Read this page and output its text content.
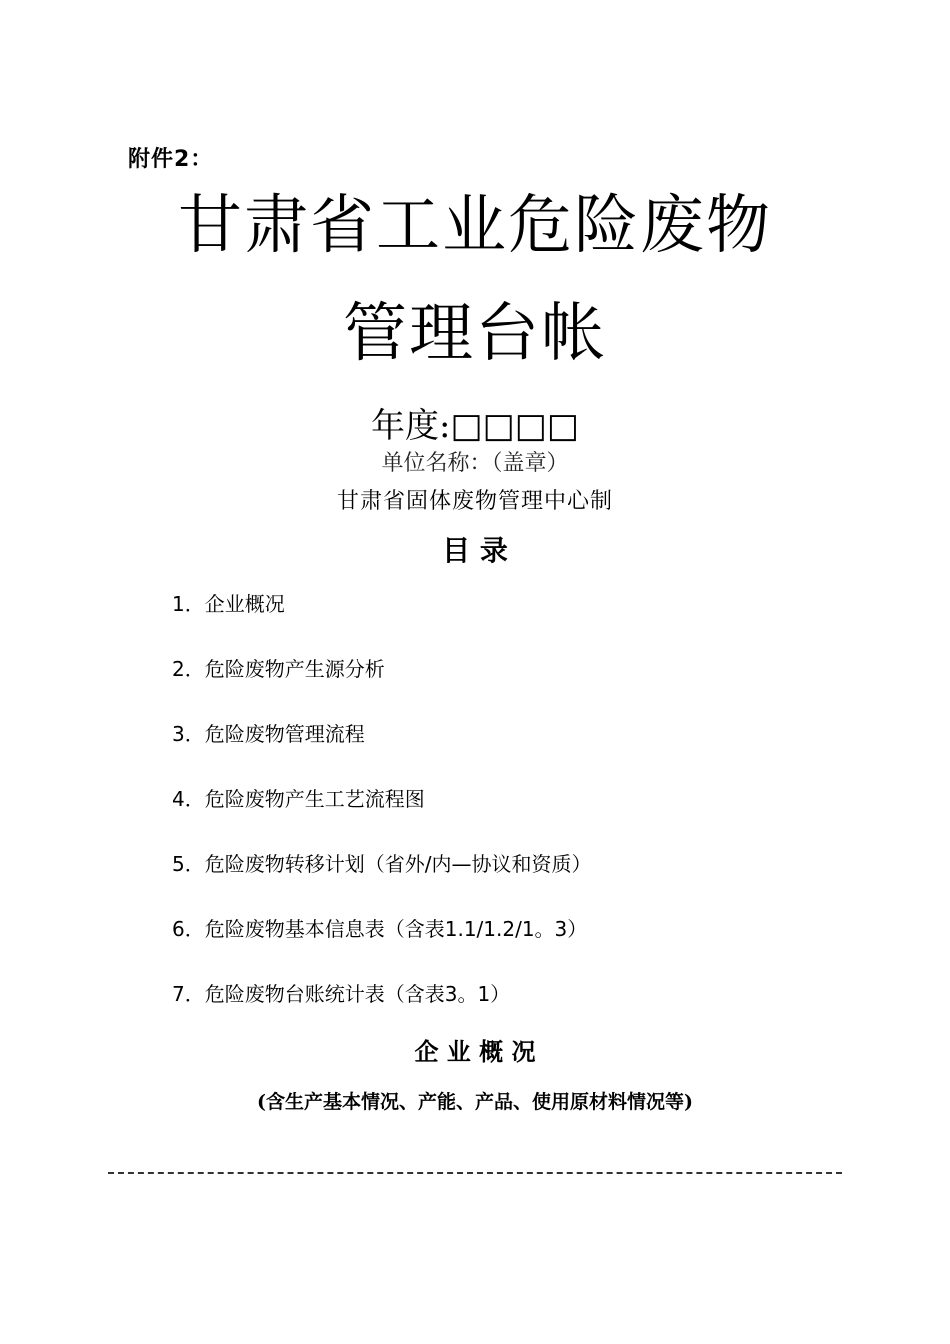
附件2：
甘肃省工业危险废物
管理台帐
年度:□□□□
单位名称：（盖章）
甘肃省固体废物管理中心制
目 录
1．企业概况
2．危险废物产生源分析
3．危险废物管理流程
4．危险废物产生工艺流程图
5．危险废物转移计划（省外/内—协议和资质）
6．危险废物基本信息表（含表1.1/1.2/1。3）
7．危险废物台账统计表（含表3。1）
企 业 概 况
(含生产基本情况、产能、产品、使用原材料情况等)
